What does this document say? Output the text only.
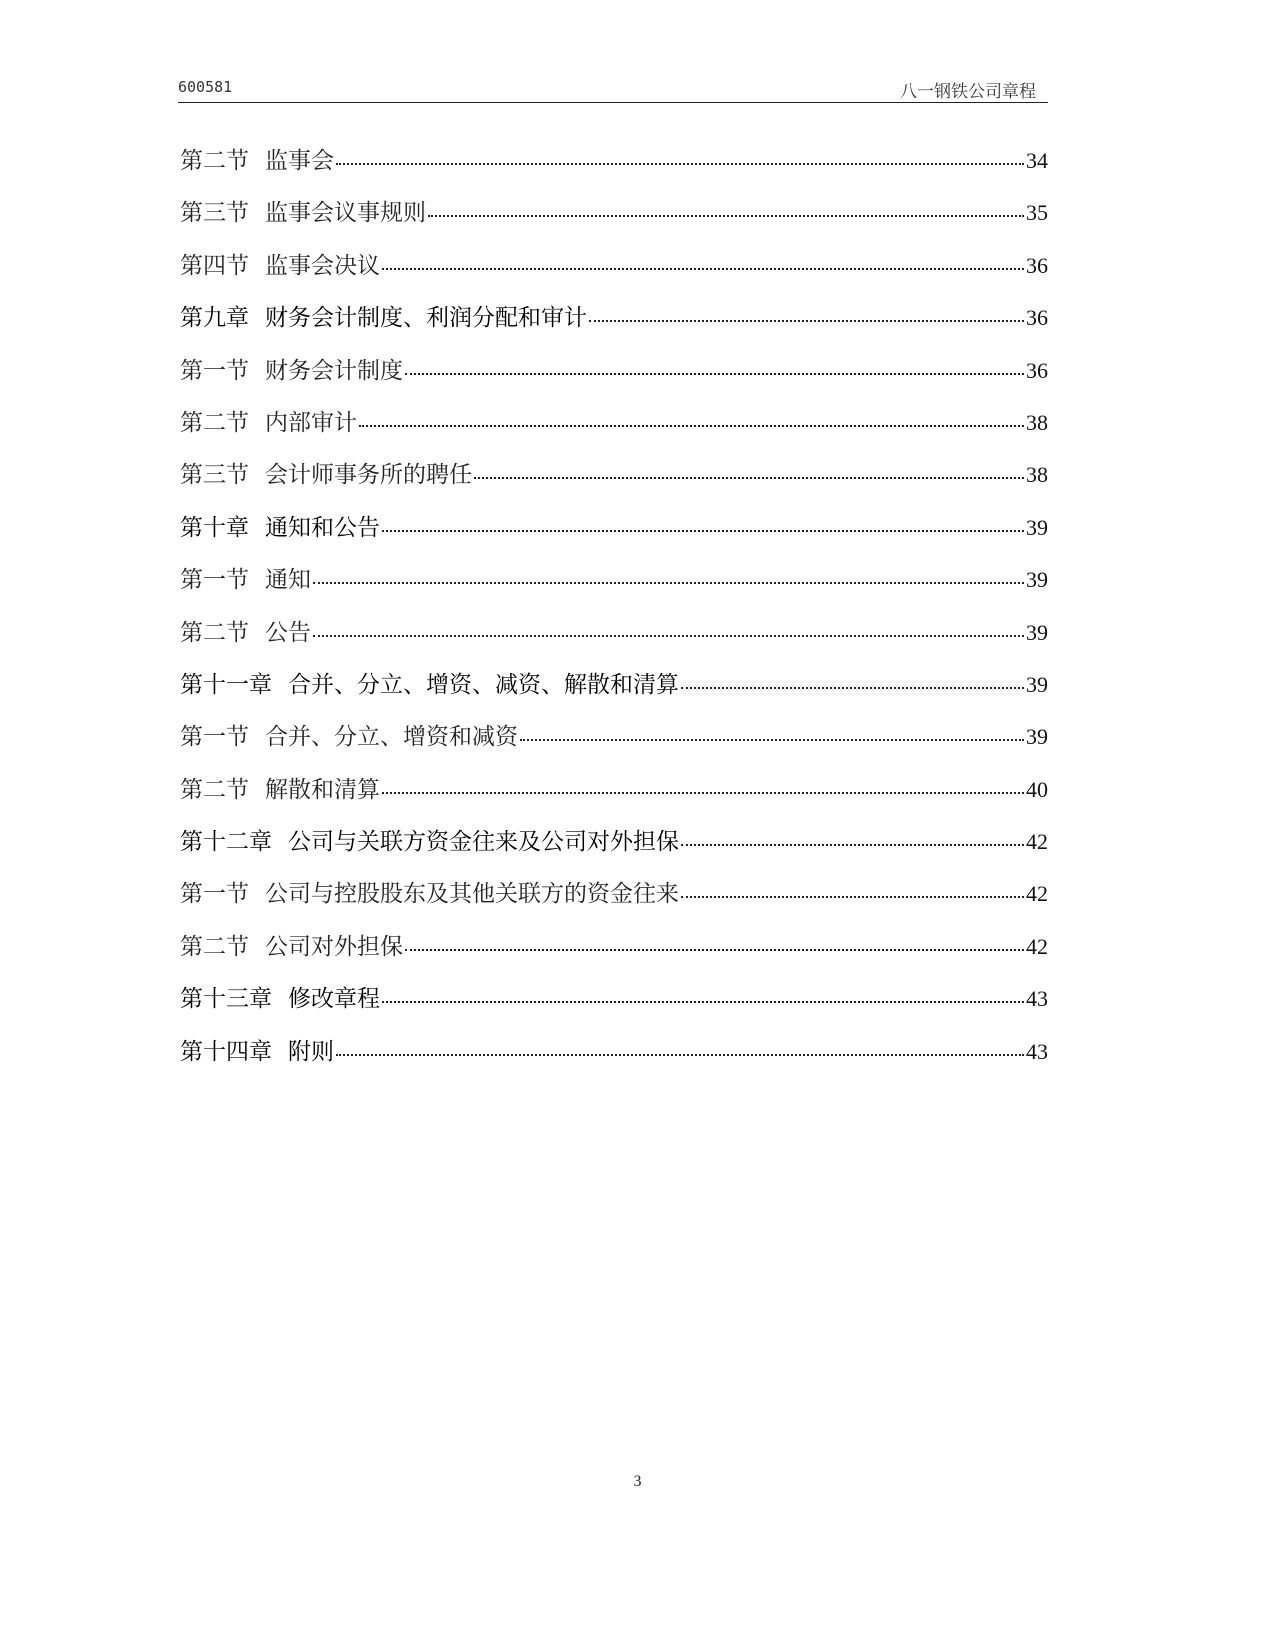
600581	八一钢铁公司章程
第二节 监事会	34
第三节 监事会议事规则	35
第四节 监事会决议	36
第九章 财务会计制度、利润分配和审计	36
第一节 财务会计制度	36
第二节 内部审计	38
第三节 会计师事务所的聘任	38
第十章 通知和公告	39
第一节 通知	39
第二节 公告	39
第十一章 合并、分立、增资、减资、解散和清算	39
第一节 合并、分立、增资和减资	39
第二节 解散和清算	40
第十二章 公司与关联方资金往来及公司对外担保	42
第一节 公司与控股股东及其他关联方的资金往来	42
第二节 公司对外担保	42
第十三章 修改章程	43
第十四章 附则	43
3
